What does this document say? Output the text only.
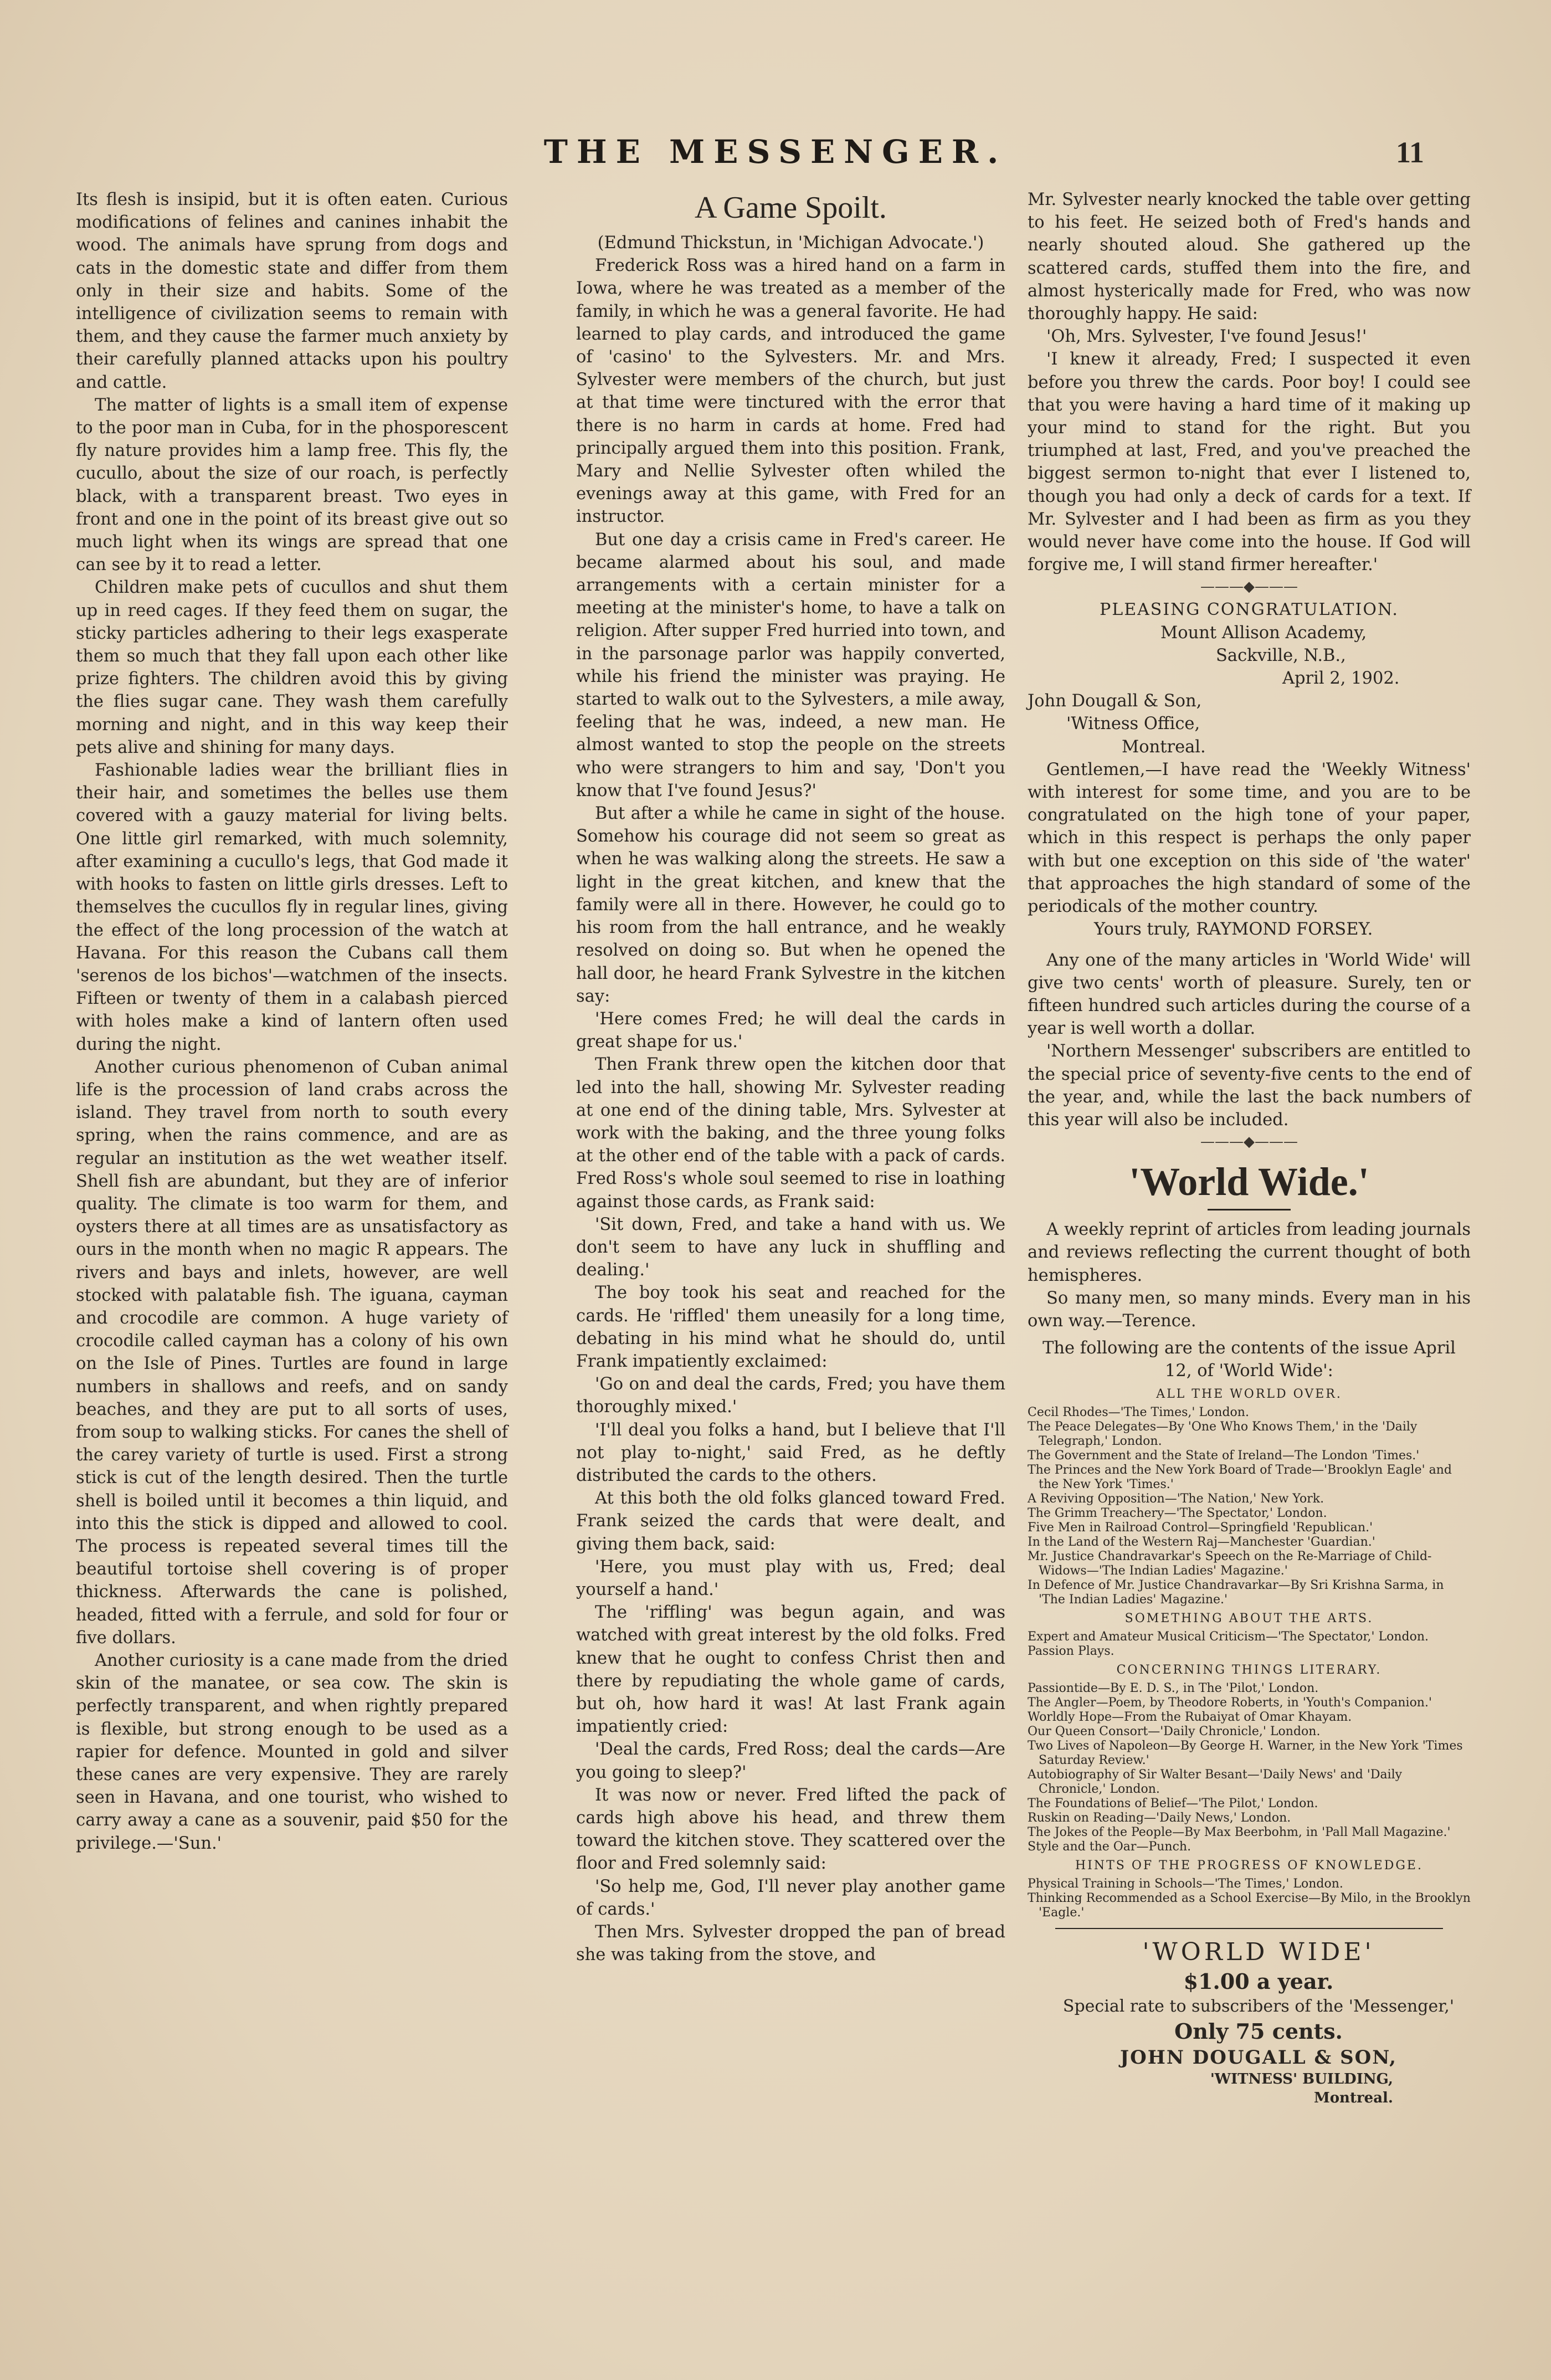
THE MESSENGER.	11

Its flesh is insipid, but it is often eaten. Curious modifications of felines and canines inhabit the wood. The animals have sprung from dogs and cats in the domestic state and differ from them only in their size and habits. Some of the intelligence of civilization seems to remain with them, and they cause the farmer much anxiety by their carefully planned attacks upon his poultry and cattle.

The matter of lights is a small item of expense to the poor man in Cuba, for in the phosporescent fly nature provides him a lamp free. This fly, the cucullo, about the size of our roach, is perfectly black, with a transparent breast. Two eyes in front and one in the point of its breast give out so much light when its wings are spread that one can see by it to read a letter.

Children make pets of cucullos and shut them up in reed cages. If they feed them on sugar, the sticky particles adhering to their legs exasperate them so much that they fall upon each other like prize fighters. The children avoid this by giving the flies sugar cane. They wash them carefully morning and night, and in this way keep their pets alive and shining for many days.

Fashionable ladies wear the brilliant flies in their hair, and sometimes the belles use them covered with a gauzy material for living belts. One little girl remarked, with much solemnity, after examining a cucullo's legs, that God made it with hooks to fasten on little girls dresses. Left to themselves the cucullos fly in regular lines, giving the effect of the long procession of the watch at Havana. For this reason the Cubans call them 'serenos de los bichos'—watchmen of the insects. Fifteen or twenty of them in a calabash pierced with holes make a kind of lantern often used during the night.

Another curious phenomenon of Cuban animal life is the procession of land crabs across the island. They travel from north to south every spring, when the rains commence, and are as regular an institution as the wet weather itself. Shell fish are abundant, but they are of inferior quality. The climate is too warm for them, and oysters there at all times are as unsatisfactory as ours in the month when no magic R appears. The rivers and bays and inlets, however, are well stocked with palatable fish. The iguana, cayman and crocodile are common. A huge variety of crocodile called cayman has a colony of his own on the Isle of Pines. Turtles are found in large numbers in shallows and reefs, and on sandy beaches, and they are put to all sorts of uses, from soup to walking sticks. For canes the shell of the carey variety of turtle is used. First a strong stick is cut of the length desired. Then the turtle shell is boiled until it becomes a thin liquid, and into this the stick is dipped and allowed to cool. The process is repeated several times till the beautiful tortoise shell covering is of proper thickness. Afterwards the cane is polished, headed, fitted with a ferrule, and sold for four or five dollars.

Another curiosity is a cane made from the dried skin of the manatee, or sea cow. The skin is perfectly transparent, and when rightly prepared is flexible, but strong enough to be used as a rapier for defence. Mounted in gold and silver these canes are very expensive. They are rarely seen in Havana, and one tourist, who wished to carry away a cane as a souvenir, paid $50 for the privilege.—'Sun.'

A Game Spoilt.

(Edmund Thickstun, in 'Michigan Advocate.')

Frederick Ross was a hired hand on a farm in Iowa, where he was treated as a member of the family, in which he was a general favorite. He had learned to play cards, and introduced the game of 'casino' to the Sylvesters. Mr. and Mrs. Sylvester were members of the church, but just at that time were tinctured with the error that there is no harm in cards at home. Fred had principally argued them into this position. Frank, Mary and Nellie Sylvester often whiled the evenings away at this game, with Fred for an instructor.

But one day a crisis came in Fred's career. He became alarmed about his soul, and made arrangements with a certain minister for a meeting at the minister's home, to have a talk on religion. After supper Fred hurried into town, and in the parsonage parlor was happily converted, while his friend the minister was praying. He started to walk out to the Sylvesters, a mile away, feeling that he was, indeed, a new man. He almost wanted to stop the people on the streets who were strangers to him and say, 'Don't you know that I've found Jesus?'

But after a while he came in sight of the house. Somehow his courage did not seem so great as when he was walking along the streets. He saw a light in the great kitchen, and knew that the family were all in there. However, he could go to his room from the hall entrance, and he weakly resolved on doing so. But when he opened the hall door, he heard Frank Sylvestre in the kitchen say:

'Here comes Fred; he will deal the cards in great shape for us.'

Then Frank threw open the kitchen door that led into the hall, showing Mr. Sylvester reading at one end of the dining table, Mrs. Sylvester at work with the baking, and the three young folks at the other end of the table with a pack of cards. Fred Ross's whole soul seemed to rise in loathing against those cards, as Frank said:

'Sit down, Fred, and take a hand with us. We don't seem to have any luck in shuffling and dealing.'

The boy took his seat and reached for the cards. He 'riffled' them uneasily for a long time, debating in his mind what he should do, until Frank impatiently exclaimed:

'Go on and deal the cards, Fred; you have them thoroughly mixed.'

'I'll deal you folks a hand, but I believe that I'll not play to-night,' said Fred, as he deftly distributed the cards to the others.

At this both the old folks glanced toward Fred. Frank seized the cards that were dealt, and giving them back, said:

'Here, you must play with us, Fred; deal yourself a hand.'

The 'riffling' was begun again, and was watched with great interest by the old folks. Fred knew that he ought to confess Christ then and there by repudiating the whole game of cards, but oh, how hard it was! At last Frank again impatiently cried:

'Deal the cards, Fred Ross; deal the cards—Are you going to sleep?'

It was now or never. Fred lifted the pack of cards high above his head, and threw them toward the kitchen stove. They scattered over the floor and Fred solemnly said:

'So help me, God, I'll never play another game of cards.'

Then Mrs. Sylvester dropped the pan of bread she was taking from the stove, and

Mr. Sylvester nearly knocked the table over getting to his feet. He seized both of Fred's hands and nearly shouted aloud. She gathered up the scattered cards, stuffed them into the fire, and almost hysterically made for Fred, who was now thoroughly happy. He said:

'Oh, Mrs. Sylvester, I've found Jesus!'

'I knew it already, Fred; I suspected it even before you threw the cards. Poor boy! I could see that you were having a hard time of it making up your mind to stand for the right. But you triumphed at last, Fred, and you've preached the biggest sermon to-night that ever I listened to, though you had only a deck of cards for a text. If Mr. Sylvester and I had been as firm as you they would never have come into the house. If God will forgive me, I will stand firmer hereafter.'

———◆———

PLEASING CONGRATULATION.

Mount Allison Academy,

Sackville, N.B.,

April 2, 1902.

John Dougall & Son,

'Witness Office,

Montreal.

Gentlemen,—I have read the 'Weekly Witness' with interest for some time, and you are to be congratulated on the high tone of your paper, which in this respect is perhaps the only paper with but one exception on this side of 'the water' that approaches the high standard of some of the periodicals of the mother country.

Yours truly, RAYMOND FORSEY.

Any one of the many articles in 'World Wide' will give two cents' worth of pleasure. Surely, ten or fifteen hundred such articles during the course of a year is well worth a dollar.

'Northern Messenger' subscribers are entitled to the special price of seventy-five cents to the end of the year, and, while the last the back numbers of this year will also be included.

———◆———
'World Wide.'

A weekly reprint of articles from leading journals and reviews reflecting the current thought of both hemispheres.

So many men, so many minds. Every man in his own way.—Terence.

The following are the contents of the issue April 12, of 'World Wide':

ALL THE WORLD OVER.

Cecil Rhodes—'The Times,' London.
The Peace Delegates—By 'One Who Knows Them,' in the 'Daily Telegraph,' London.
The Government and the State of Ireland—The London 'Times.'
The Princes and the New York Board of Trade—'Brooklyn Eagle' and the New York 'Times.'
A Reviving Opposition—'The Nation,' New York.
The Grimm Treachery—'The Spectator,' London.
Five Men in Railroad Control—Springfield 'Republican.'
In the Land of the Western Raj—Manchester 'Guardian.'
Mr. Justice Chandravarkar's Speech on the Re-Marriage of Child-Widows—'The Indian Ladies' Magazine.'
In Defence of Mr. Justice Chandravarkar—By Sri Krishna Sarma, in 'The Indian Ladies' Magazine.'

SOMETHING ABOUT THE ARTS.

Expert and Amateur Musical Criticism—'The Spectator,' London.
Passion Plays.

CONCERNING THINGS LITERARY.

Passiontide—By E. D. S., in The 'Pilot,' London.
The Angler—Poem, by Theodore Roberts, in 'Youth's Companion.'
Worldly Hope—From the Rubaiyat of Omar Khayam.
Our Queen Consort—'Daily Chronicle,' London.
Two Lives of Napoleon—By George H. Warner, in the New York 'Times Saturday Review.'
Autobiography of Sir Walter Besant—'Daily News' and 'Daily Chronicle,' London.
The Foundations of Belief—'The Pilot,' London.
Ruskin on Reading—'Daily News,' London.
The Jokes of the People—By Max Beerbohm, in 'Pall Mall Magazine.'
Style and the Oar—Punch.

HINTS OF THE PROGRESS OF KNOWLEDGE.

Physical Training in Schools—'The Times,' London.
Thinking Recommended as a School Exercise—By Milo, in the Brooklyn 'Eagle.'

'WORLD WIDE'

$1.00 a year.

Special rate to subscribers of the 'Messenger,'

Only 75 cents.

JOHN DOUGALL & SON,

'WITNESS' BUILDING,

Montreal.
